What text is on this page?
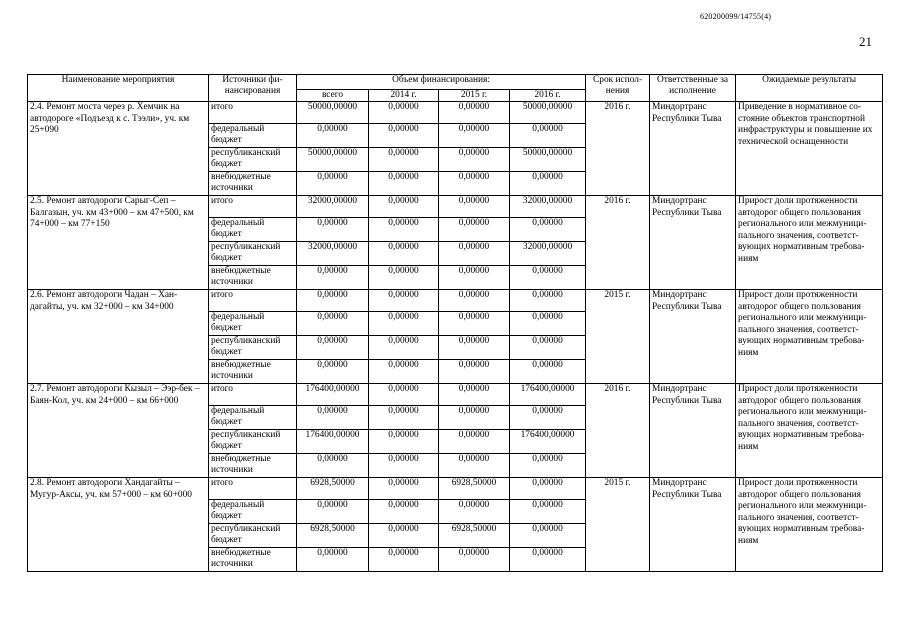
620200099/14755(4)
21
Наименование мероприятия	Источники фи-нансирования	Объем финансирования:				Срок испол-нения	Ответственные за исполнение	Ожидаемые результаты
		всего	2014 г.	2015 г.	2016 г.			
2.4. Ремонт моста через р. Хемчик на автодороге «Подъезд к с. Тээли», уч. км 25+090	итого	50000,00000	0,00000	0,00000	50000,00000	2016 г.	Миндортранс Республики Тыва	Приведение в нормативное со-стояние объектов транспортной инфраструктуры и повышение их технической оснащенности
	федеральный бюджет	0,00000	0,00000	0,00000	0,00000			
	республиканский бюджет	50000,00000	0,00000	0,00000	50000,00000			
	внебюджетные источники	0,00000	0,00000	0,00000	0,00000			
2.5. Ремонт автодороги Сарыг-Сеп – Балгазын, уч. км 43+000 – км 47+500, км 74+000 – км 77+150	итого	32000,00000	0,00000	0,00000	32000,00000	2016 г.	Миндортранс Республики Тыва	Прирост доли протяженности автодорог общего пользования регионального или межмуници-пального значения, соответст-вующих нормативным требова-ниям
	федеральный бюджет	0,00000	0,00000	0,00000	0,00000			
	республиканский бюджет	32000,00000	0,00000	0,00000	32000,00000			
	внебюджетные источники	0,00000	0,00000	0,00000	0,00000			
2.6. Ремонт автодороги Чадан – Хан-дагайты, уч. км 32+000 – км 34+000	итого	0,00000	0,00000	0,00000	0,00000	2015 г.	Миндортранс Республики Тыва	Прирост доли протяженности автодорог общего пользования регионального или межмуници-пального значения, соответст-вующих нормативным требова-ниям
	федеральный бюджет	0,00000	0,00000	0,00000	0,00000			
	республиканский бюджет	0,00000	0,00000	0,00000	0,00000			
	внебюджетные источники	0,00000	0,00000	0,00000	0,00000			
2.7. Ремонт автодороги Кызыл – Ээр-бек – Баян-Кол, уч. км 24+000 – км 66+000	итого	176400,00000	0,00000	0,00000	176400,00000	2016 г.	Миндортранс Республики Тыва	Прирост доли протяженности автодорог общего пользования регионального или межмуници-пального значения, соответст-вующих нормативным требова-ниям
	федеральный бюджет	0,00000	0,00000	0,00000	0,00000			
	республиканский бюджет	176400,00000	0,00000	0,00000	176400,00000			
	внебюджетные источники	0,00000	0,00000	0,00000	0,00000			
2.8. Ремонт автодороги Хандагайты – Мугур-Аксы, уч. км 57+000 – км 60+000	итого	6928,50000	0,00000	6928,50000	0,00000	2015 г.	Миндортранс Республики Тыва	Прирост доли протяженности автодорог общего пользования регионального или межмуници-пального значения, соответст-вующих нормативным требова-ниям
	федеральный бюджет	0,00000	0,00000	0,00000	0,00000			
	республиканский бюджет	6928,50000	0,00000	6928,50000	0,00000			
	внебюджетные источники	0,00000	0,00000	0,00000	0,00000			
